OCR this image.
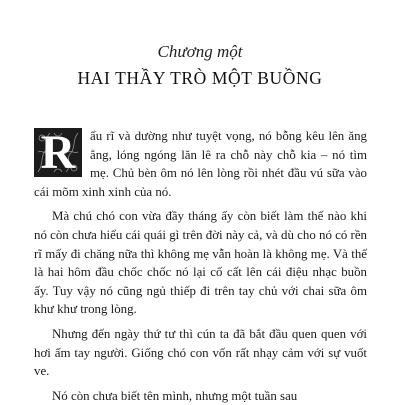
Chương một
HAI THẦY TRÒ MỘT BUỒNG

R	ẩu rĩ và dường như tuyệt vọng, nó bỗng kêu lên ăng ẳng, lóng ngóng lăn lê ra chỗ này chỗ kia – nó tìm mẹ. Chủ bèn ôm nó lên lòng rồi nhét đầu vú sữa vào cái mõm xinh xinh của nó.

Mà chú chó con vừa đầy tháng ấy còn biết làm thế nào khi nó còn chưa hiểu cái quái gì trên đời này cả, và dù cho nó có rền rĩ mấy đi chăng nữa thì không mẹ vẫn hoàn là không mẹ. Và thế là hai hôm đầu chốc chốc nó lại cố cất lên cái điệu nhạc buồn ấy. Tuy vậy nó cũng ngủ thiếp đi trên tay chủ với chai sữa ôm khư khư trong lòng.

Nhưng đến ngày thứ tư thì cún ta đã bắt đầu quen quen với hơi ấm tay người. Giống chó con vốn rất nhạy cảm với sự vuốt ve.

Nó còn chưa biết tên mình, nhưng một tuần sau
